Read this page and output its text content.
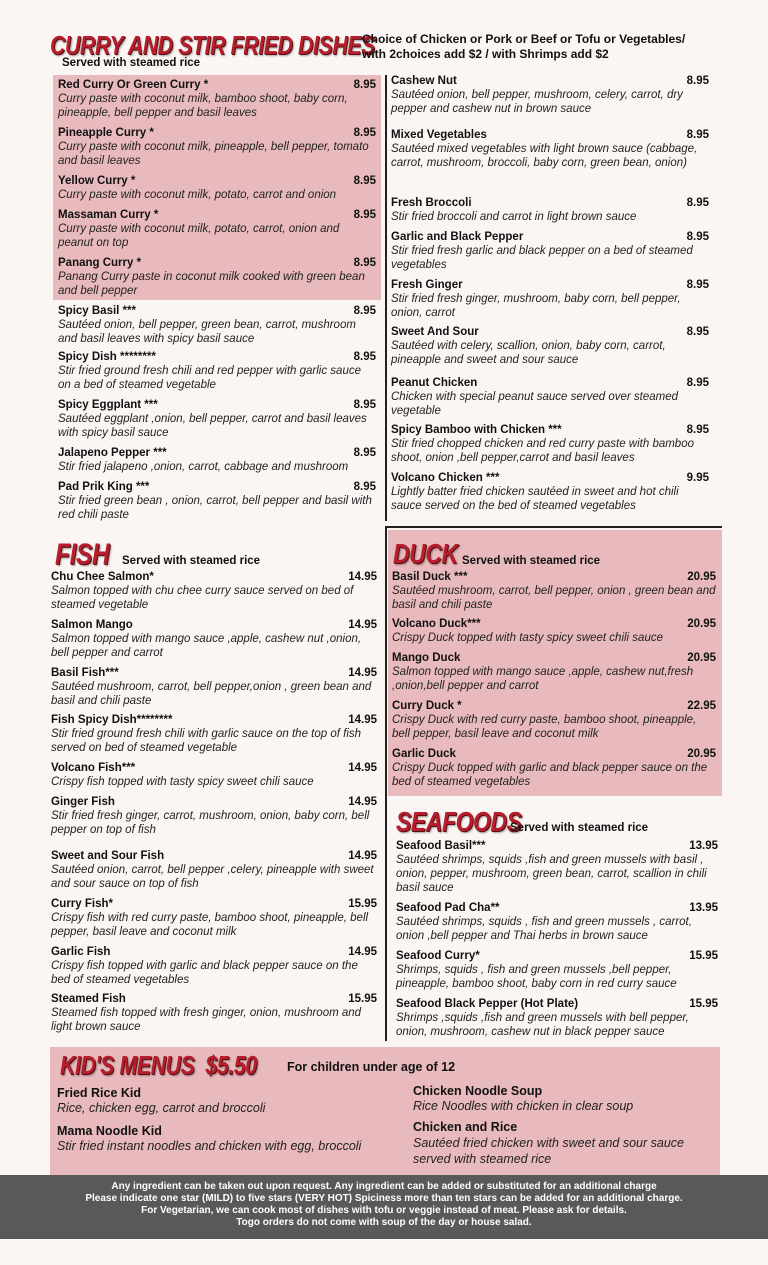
CURRY AND STIR FRIED DISHES
Served with steamed rice
Choice of Chicken or Pork or Beef or Tofu or Vegetables/
with 2choices add $2 / with Shrimps add $2
Red Curry Or Green Curry *	8.95
Curry paste with coconut milk, bamboo shoot, baby corn, pineapple, bell pepper and basil leaves
Pineapple Curry *	8.95
Curry paste with coconut milk, pineapple, bell pepper, tomato and basil leaves
Yellow Curry *	8.95
Curry paste with coconut milk, potato, carrot and onion
Massaman Curry *	8.95
Curry paste with coconut milk, potato, carrot, onion and peanut on top
Panang Curry *	8.95
Panang Curry paste in coconut milk cooked with green bean and bell pepper
Spicy Basil ***	8.95
Sautéed onion, bell pepper, green bean, carrot, mushroom and basil leaves with spicy basil sauce
Spicy Dish ********	8.95
Stir fried ground fresh chili and red pepper with garlic sauce on a bed of steamed vegetable
Spicy Eggplant ***	8.95
Sautéed eggplant ,onion, bell pepper, carrot and basil leaves with spicy basil sauce
Jalapeno Pepper ***	8.95
Stir fried jalapeno ,onion, carrot, cabbage and mushroom
Pad Prik King ***	8.95
Stir fried green bean , onion, carrot, bell pepper and basil with red chili paste
Cashew Nut	8.95
Sautéed onion, bell pepper, mushroom, celery, carrot, dry pepper and cashew nut in brown sauce
Mixed Vegetables	8.95
Sautéed mixed vegetables with light brown sauce (cabbage, carrot, mushroom, broccoli, baby corn, green bean, onion)
Fresh Broccoli	8.95
Stir fried broccoli and carrot in light brown sauce
Garlic and Black Pepper	8.95
Stir fried fresh garlic and black pepper on a bed of steamed vegetables
Fresh Ginger	8.95
Stir fried fresh ginger, mushroom, baby corn, bell pepper, onion, carrot
Sweet And Sour	8.95
Sautéed with celery, scallion, onion, baby corn, carrot, pineapple and sweet and sour sauce
Peanut Chicken	8.95
Chicken with special peanut sauce served over steamed vegetable
Spicy Bamboo with Chicken ***	8.95
Stir fried chopped chicken and red curry paste with bamboo shoot, onion ,bell pepper,carrot and basil leaves
Volcano Chicken ***	9.95
Lightly batter fried chicken sautéed in sweet and hot chili sauce served on the bed of steamed vegetables
FISH Served with steamed rice
Chu Chee Salmon*	14.95
Salmon topped with chu chee curry sauce served on bed of steamed vegetable
Salmon Mango	14.95
Salmon topped with mango sauce ,apple, cashew nut ,onion, bell pepper and carrot
Basil Fish***	14.95
Sautéed mushroom, carrot, bell pepper,onion , green bean and basil and chili paste
Fish Spicy Dish********	14.95
Stir fried ground fresh chili with garlic sauce on the top of fish served on bed of steamed vegetable
Volcano Fish***	14.95
Crispy fish topped with tasty spicy sweet chili sauce
Ginger Fish	14.95
Stir fried fresh ginger, carrot, mushroom, onion, baby corn, bell pepper on top of fish
Sweet and Sour Fish	14.95
Sautéed onion, carrot, bell pepper ,celery, pineapple with sweet and sour sauce on top of fish
Curry Fish*	15.95
Crispy fish with red curry paste, bamboo shoot, pineapple, bell pepper, basil leave and coconut milk
Garlic Fish	14.95
Crispy fish topped with garlic and black pepper sauce on the bed of steamed vegetables
Steamed Fish	15.95
Steamed fish topped with fresh ginger, onion, mushroom and light brown sauce
DUCK Served with steamed rice
Basil Duck ***	20.95
Sautéed mushroom, carrot, bell pepper, onion , green bean and basil and chili paste
Volcano Duck***	20.95
Crispy Duck topped with tasty spicy sweet chili sauce
Mango Duck	20.95
Salmon topped with mango sauce ,apple, cashew nut,fresh ,onion,bell pepper and carrot
Curry Duck *	22.95
Crispy Duck with red curry paste, bamboo shoot, pineapple, bell pepper, basil leave and coconut milk
Garlic Duck	20.95
Crispy Duck topped with garlic and black pepper sauce on the bed of steamed vegetables
SEAFOODS
Served with steamed rice
Seafood Basil***	13.95
Sautéed shrimps, squids ,fish and green mussels with basil , onion, pepper, mushroom, green bean, carrot, scallion in chili basil sauce
Seafood Pad Cha**	13.95
Sautéed shrimps, squids , fish and green mussels , carrot, onion ,bell pepper and Thai herbs in brown sauce
Seafood Curry*	15.95
Shrimps, squids , fish and green mussels ,bell pepper, pineapple, bamboo shoot, baby corn in red curry sauce
Seafood Black Pepper (Hot Plate)	15.95
Shrimps ,squids ,fish and green mussels with bell pepper, onion, mushroom, cashew nut in black pepper sauce
KID'S MENUS  $5.50 For children under age of 12
Fried Rice Kid
Rice, chicken egg, carrot and broccoli
Mama Noodle Kid
Stir fried instant noodles and chicken with egg, broccoli
Chicken Noodle Soup
Rice Noodles with chicken in clear soup
Chicken and Rice
Sautéed fried chicken with sweet and sour sauce served with steamed rice
Any ingredient can be taken out upon request. Any ingredient can be added or substituted for an additional charge
Please indicate one star (MILD) to five stars (VERY HOT) Spiciness more than ten stars can be added for an additional charge.
For Vegetarian, we can cook most of dishes with tofu or veggie instead of meat. Please ask for details.
Togo orders do not come with soup of the day or house salad.
